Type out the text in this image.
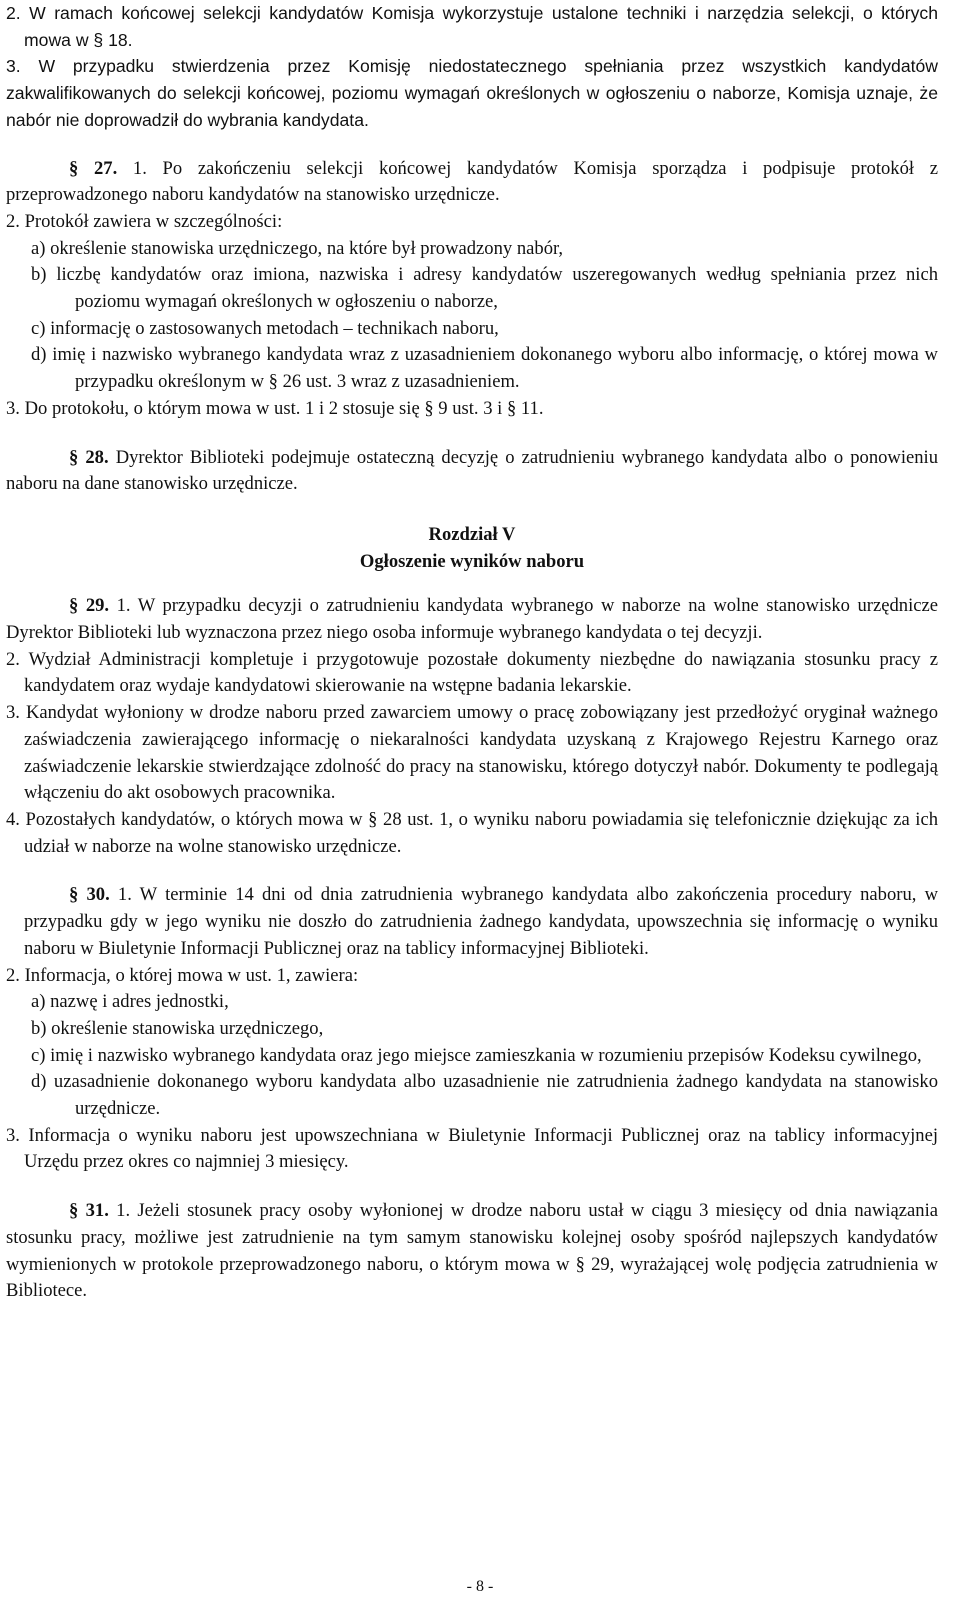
2. W ramach końcowej selekcji kandydatów Komisja wykorzystuje ustalone techniki i narzędzia selekcji, o których mowa w § 18.

3. W przypadku stwierdzenia przez Komisję niedostatecznego spełniania przez wszystkich kandydatów zakwalifikowanych do selekcji końcowej, poziomu wymagań określonych w ogłoszeniu o naborze, Komisja uznaje, że nabór nie doprowadził do wybrania kandydata.

§ 27. 1. Po zakończeniu selekcji końcowej kandydatów Komisja sporządza i podpisuje protokół z przeprowadzonego naboru kandydatów na stanowisko urzędnicze.

2. Protokół zawiera w szczególności:

a) określenie stanowiska urzędniczego, na które był prowadzony nabór,

b) liczbę kandydatów oraz imiona, nazwiska i adresy kandydatów uszeregowanych według spełniania przez nich poziomu wymagań określonych w ogłoszeniu o naborze,

c) informację o zastosowanych metodach – technikach naboru,

d) imię i nazwisko wybranego kandydata wraz z uzasadnieniem dokonanego wyboru albo informację, o której mowa w przypadku określonym w § 26 ust. 3 wraz z uzasadnieniem.

3. Do protokołu, o którym mowa w ust. 1 i 2 stosuje się § 9 ust. 3 i § 11.

§ 28. Dyrektor Biblioteki podejmuje ostateczną decyzję o zatrudnieniu wybranego kandydata albo o ponowieniu naboru na dane stanowisko urzędnicze.

Rozdział V

Ogłoszenie wyników naboru

§ 29. 1. W przypadku decyzji o zatrudnieniu kandydata wybranego w naborze na wolne stanowisko urzędnicze Dyrektor Biblioteki lub wyznaczona przez niego osoba informuje wybranego kandydata o tej decyzji.

2. Wydział Administracji kompletuje i przygotowuje pozostałe dokumenty niezbędne do nawiązania stosunku pracy z kandydatem oraz wydaje kandydatowi skierowanie na wstępne badania lekarskie.

3. Kandydat wyłoniony w drodze naboru przed zawarciem umowy o pracę zobowiązany jest przedłożyć oryginał ważnego zaświadczenia zawierającego informację o niekaralności kandydata uzyskaną z Krajowego Rejestru Karnego oraz zaświadczenie lekarskie stwierdzające zdolność do pracy na stanowisku, którego dotyczył nabór. Dokumenty te podlegają włączeniu do akt osobowych pracownika.

4. Pozostałych kandydatów, o których mowa w § 28 ust. 1, o wyniku naboru powiadamia się telefonicznie dziękując za ich udział w naborze na wolne stanowisko urzędnicze.

§ 30. 1. W terminie 14 dni od dnia zatrudnienia wybranego kandydata albo zakończenia procedury naboru, w przypadku gdy w jego wyniku nie doszło do zatrudnienia żadnego kandydata, upowszechnia się informację o wyniku naboru w Biuletynie Informacji Publicznej oraz na tablicy informacyjnej Biblioteki.

2. Informacja, o której mowa w ust. 1, zawiera:

a) nazwę i adres jednostki,

b) określenie stanowiska urzędniczego,

c) imię i nazwisko wybranego kandydata oraz jego miejsce zamieszkania w rozumieniu przepisów Kodeksu cywilnego,

d) uzasadnienie dokonanego wyboru kandydata albo uzasadnienie nie zatrudnienia żadnego kandydata na stanowisko urzędnicze.

3. Informacja o wyniku naboru jest upowszechniana w Biuletynie Informacji Publicznej oraz na tablicy informacyjnej Urzędu przez okres co najmniej 3 miesięcy.

§ 31. 1. Jeżeli stosunek pracy osoby wyłonionej w drodze naboru ustał w ciągu 3 miesięcy od dnia nawiązania stosunku pracy, możliwe jest zatrudnienie na tym samym stanowisku kolejnej osoby spośród najlepszych kandydatów wymienionych w protokole przeprowadzonego naboru, o którym mowa w § 29, wyrażającej wolę podjęcia zatrudnienia w Bibliotece.

- 8 -
